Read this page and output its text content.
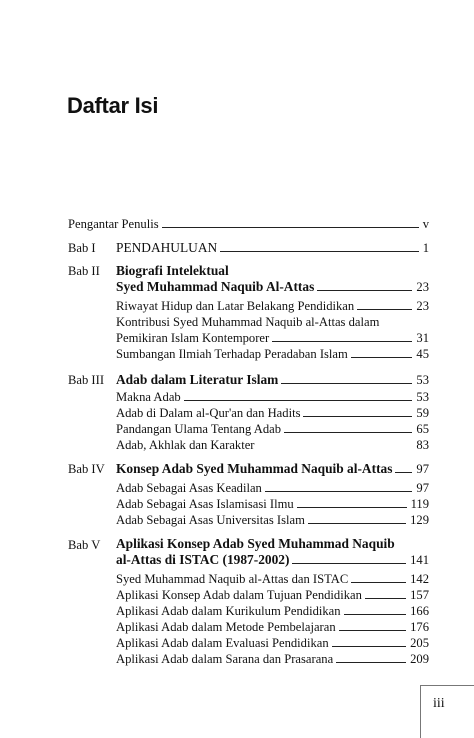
Daftar Isi
Pengantar Penulis	v
Bab I	PENDAHULUAN	1
Bab II Biografi Intelektual
Syed Muhammad Naquib Al-Attas	23
Riwayat Hidup dan Latar Belakang Pendidikan	23
Kontribusi Syed Muhammad Naquib al-Attas dalam
Pemikiran Islam Kontemporer	31
Sumbangan Ilmiah Terhadap Peradaban Islam	45
Bab III Adab dalam Literatur Islam	53
Makna Adab	53
Adab di Dalam al-Qur'an dan Hadits	59
Pandangan Ulama Tentang Adab	65
Adab, Akhlak dan Karakter	83
Bab IV Konsep Adab Syed Muhammad Naquib al-Attas 97
Adab Sebagai Asas Keadilan	97
Adab Sebagai Asas Islamisasi Ilmu	119
Adab Sebagai Asas Universitas Islam	129
Bab V Aplikasi Konsep Adab Syed Muhammad Naquib
al-Attas di ISTAC (1987-2002)	141
Syed Muhammad Naquib al-Attas dan ISTAC	142
Aplikasi Konsep Adab dalam Tujuan Pendidikan	157
Aplikasi Adab dalam Kurikulum Pendidikan	166
Aplikasi Adab dalam Metode Pembelajaran	176
Aplikasi Adab dalam Evaluasi Pendidikan	205
Aplikasi Adab dalam Sarana dan Prasarana	209
iii
